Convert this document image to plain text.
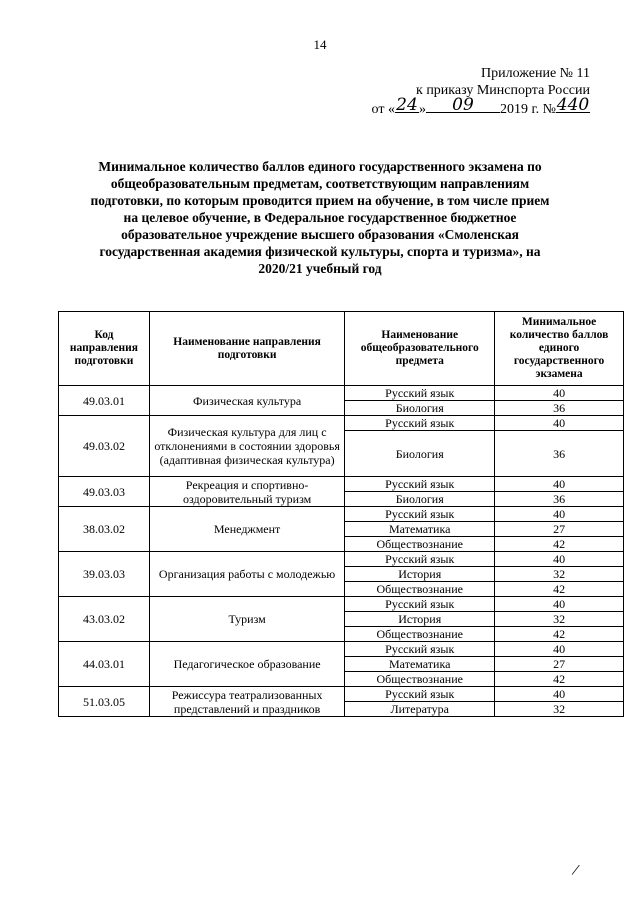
14
Приложение № 11
к приказу Минспорта России
от « 24 »	09	2019 г. № 440
Минимальное количество баллов единого государственного экзамена по общеобразовательным предметам, соответствующим направлениям подготовки, по которым проводится прием на обучение, в том числе прием на целевое обучение, в Федеральное государственное бюджетное образовательное учреждение высшего образования «Смоленская государственная академия физической культуры, спорта и туризма», на 2020/21 учебный год
Код направления подготовки	Наименование направления подготовки	Наименование общеобразовательного предмета	Минимальное количество баллов единого государственного экзамена
49.03.01	Физическая культура	Русский язык	40
		Биология	36
49.03.02	Физическая культура для лиц с отклонениями в состоянии здоровья (адаптивная физическая культура)	Русский язык	40
		Биология	36
49.03.03	Рекреация и спортивно-оздоровительный туризм	Русский язык	40
		Биология	36
38.03.02	Менеджмент	Русский язык	40
		Математика	27
		Обществознание	42
39.03.03	Организация работы с молодежью	Русский язык	40
		История	32
		Обществознание	42
43.03.02	Туризм	Русский язык	40
		История	32
		Обществознание	42
44.03.01	Педагогическое образование	Русский язык	40
		Математика	27
		Обществознание	42
51.03.05	Режиссура театрализованных представлений и праздников	Русский язык	40
		Литература	32
/
